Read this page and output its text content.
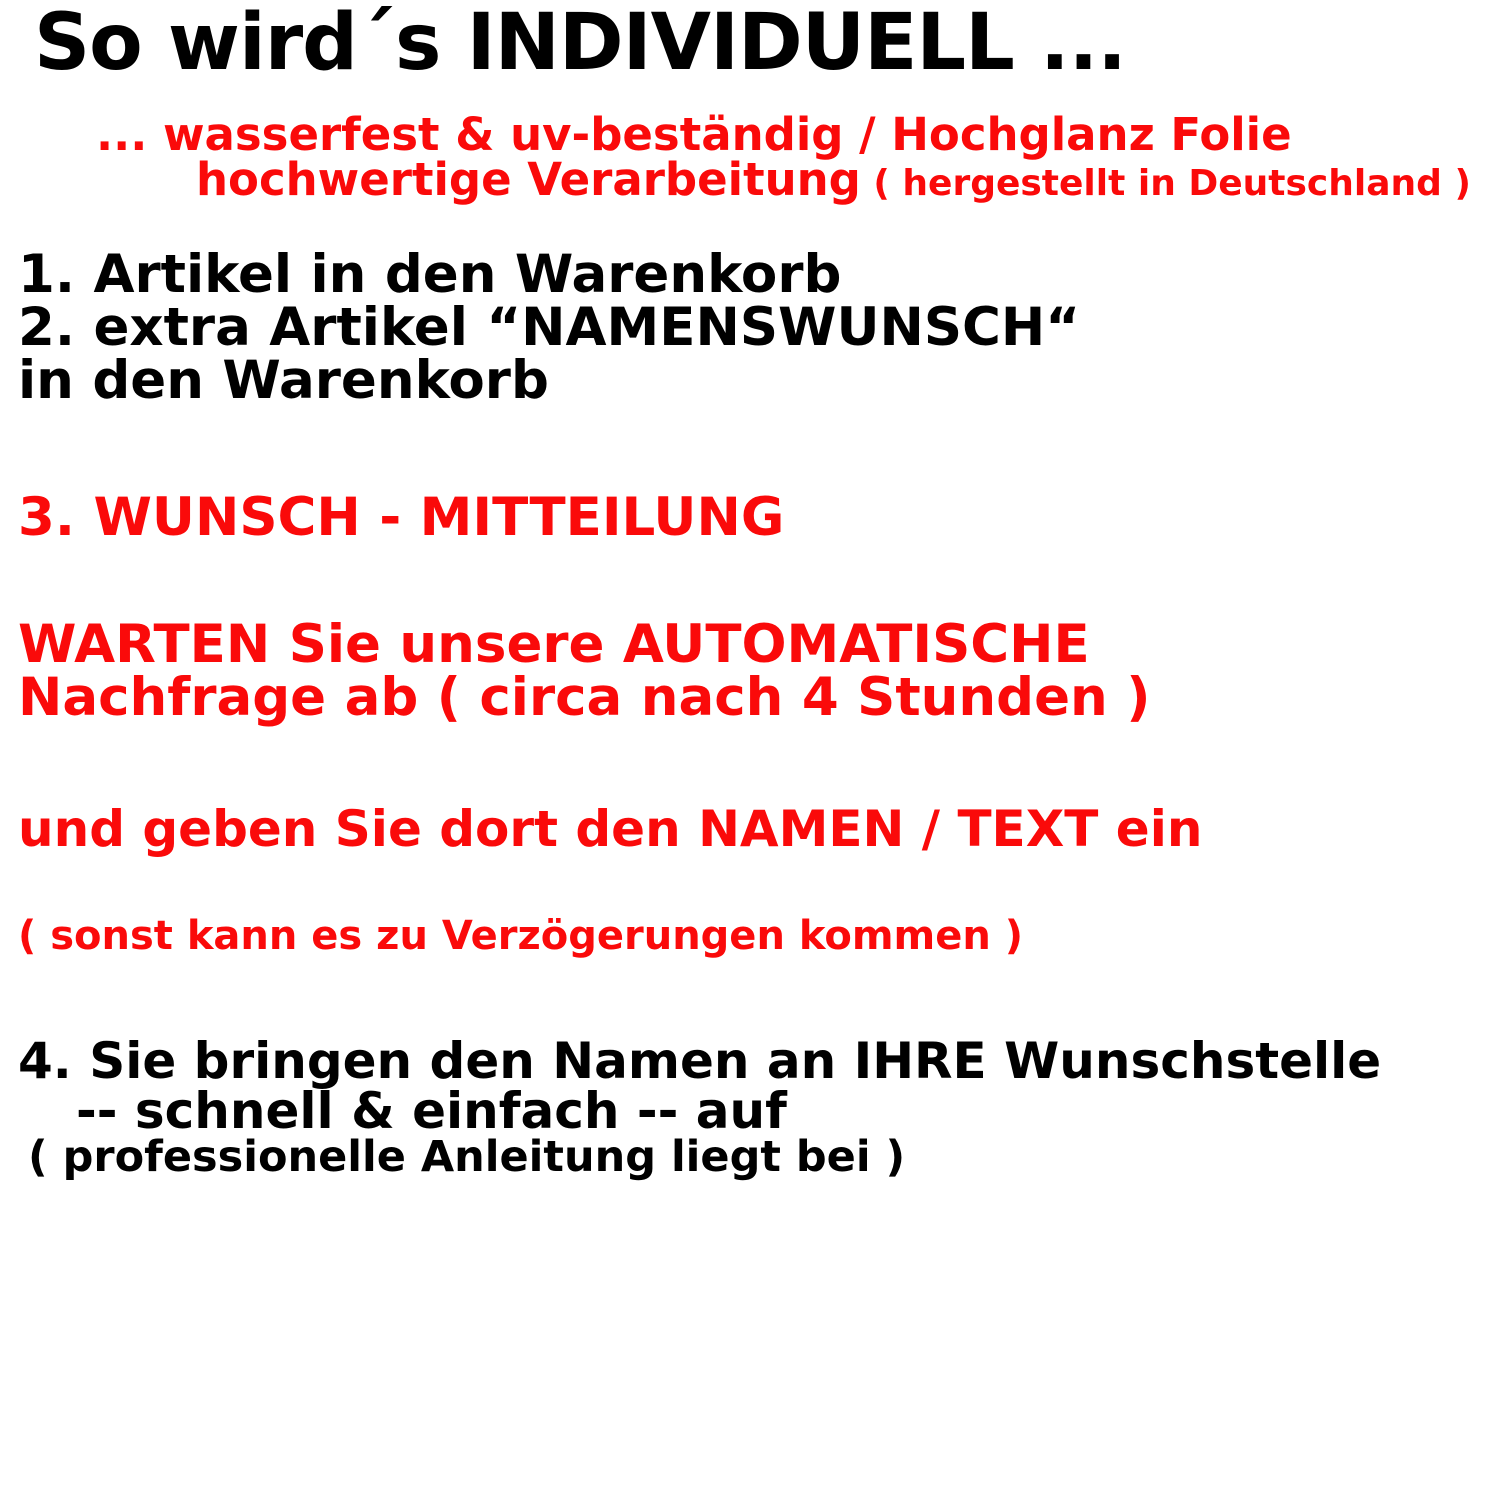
So wird´s INDIVIDUELL ...
... wasserfest & uv-beständig / Hochglanz Folie
hochwertige Verarbeitung ( hergestellt in Deutschland )
1. Artikel in den Warenkorb
2. extra Artikel “NAMENSWUNSCH“
in den Warenkorb
3. WUNSCH - MITTEILUNG
WARTEN Sie unsere AUTOMATISCHE
Nachfrage ab ( circa nach 4 Stunden )
und geben Sie dort den NAMEN / TEXT ein
( sonst kann es zu Verzögerungen kommen )
4. Sie bringen den Namen an IHRE Wunschstelle
-- schnell & einfach -- auf
( professionelle Anleitung liegt bei )
